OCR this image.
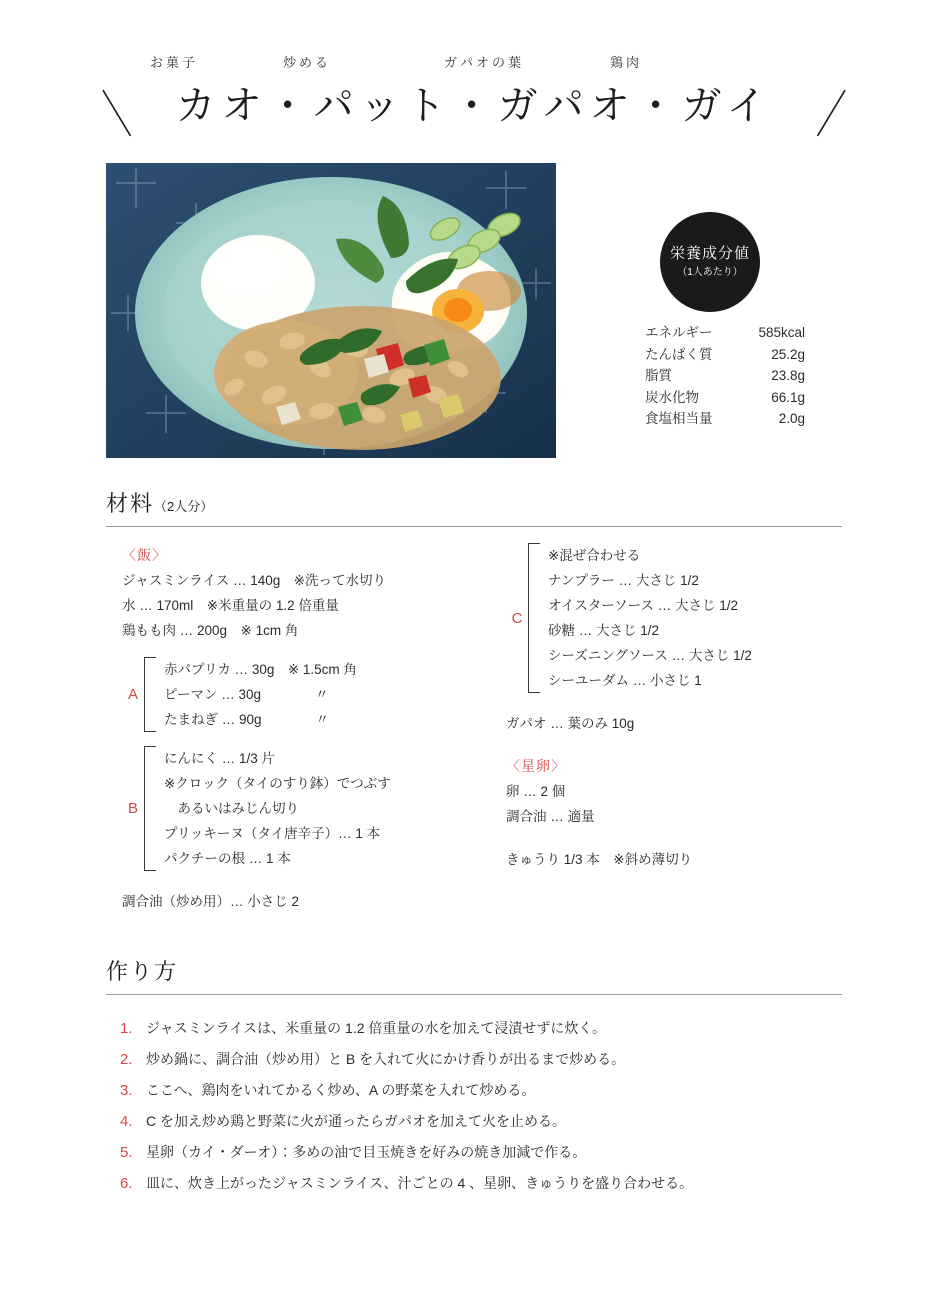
お菓子	炒める	ガパオの葉	鶏肉
＼ カオ・パット・ガパオ・ガイ ／
栄養成分値
（1人あたり）
エネルギー	585kcal
たんぱく質	25.2g
脂質	23.8g
炭水化物	66.1g
食塩相当量	2.0g
材料（2人分）
〈飯〉
ジャスミンライス … 140g　※洗って水切り
水 … 170ml　※米重量の 1.2 倍重量
鶏もも肉 … 200g　※ 1cm 角
A
赤パプリカ … 30g　※ 1.5cm 角
ピーマン … 30g　　　　〃
たまねぎ … 90g　　　　〃
B
にんにく … 1/3 片
※クロック（タイのすり鉢）でつぶす
　あるいはみじん切り
プリッキーヌ（タイ唐辛子）… 1 本
パクチーの根 … 1 本
調合油（炒め用）… 小さじ 2
C
※混ぜ合わせる
ナンプラー … 大さじ 1/2
オイスターソース … 大さじ 1/2
砂糖 … 大さじ 1/2
シーズニングソース … 大さじ 1/2
シーユーダム … 小さじ 1
ガパオ … 葉のみ 10g
〈星卵〉
卵 … 2 個
調合油 … 適量
きゅうり 1/3 本　※斜め薄切り
作り方
1. ジャスミンライスは、米重量の 1.2 倍重量の水を加えて浸漬せずに炊く。
2. 炒め鍋に、調合油（炒め用）と B を入れて火にかけ香りが出るまで炒める。
3. ここへ、鶏肉をいれてかるく炒め、A の野菜を入れて炒める。
4. C を加え炒め鶏と野菜に火が通ったらガパオを加えて火を止める。
5. 星卵（カイ・ダーオ）：多めの油で目玉焼きを好みの焼き加減で作る。
6. 皿に、炊き上がったジャスミンライス、汁ごとの 4 、星卵、きゅうりを盛り合わせる。
